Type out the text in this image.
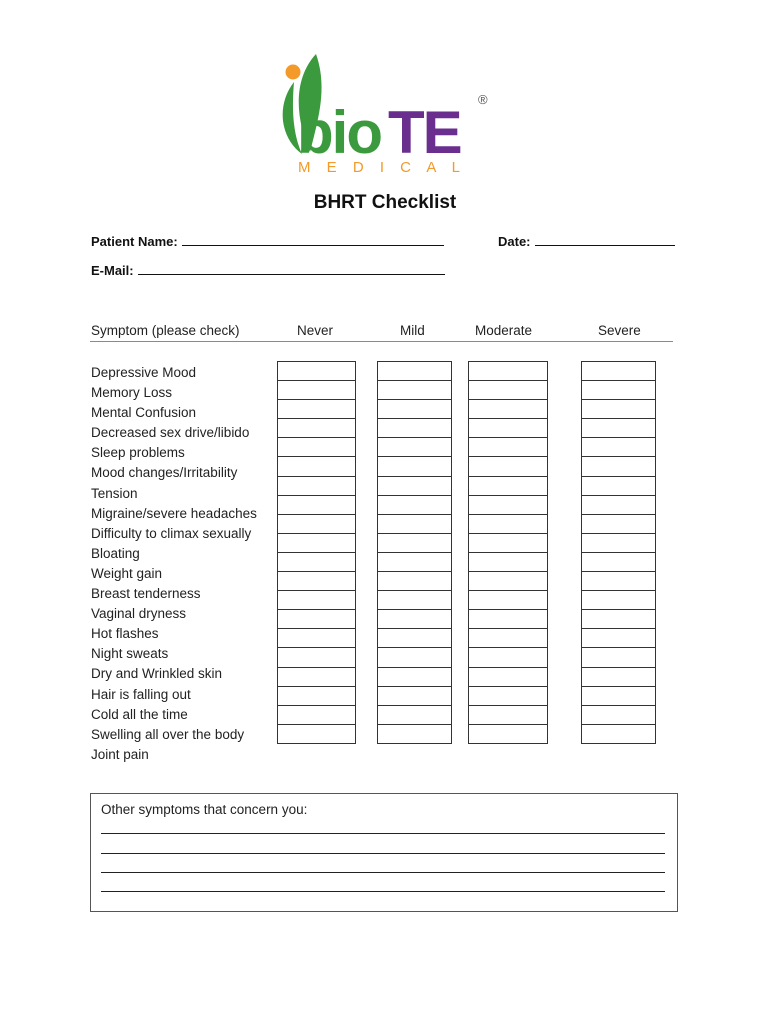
bio TE ®
M E D I C A L
BHRT Checklist
Patient Name:	Date:
E-Mail:
Symptom (please check)	Never	Mild	Moderate	Severe
Depressive Mood
Memory Loss
Mental Confusion
Decreased sex drive/libido
Sleep problems
Mood changes/Irritability
Tension
Migraine/severe headaches
Difficulty to climax sexually
Bloating
Weight gain
Breast tenderness
Vaginal dryness
Hot flashes
Night sweats
Dry and Wrinkled skin
Hair is falling out
Cold all the time
Swelling all over the body
Joint pain
Other symptoms that concern you:
